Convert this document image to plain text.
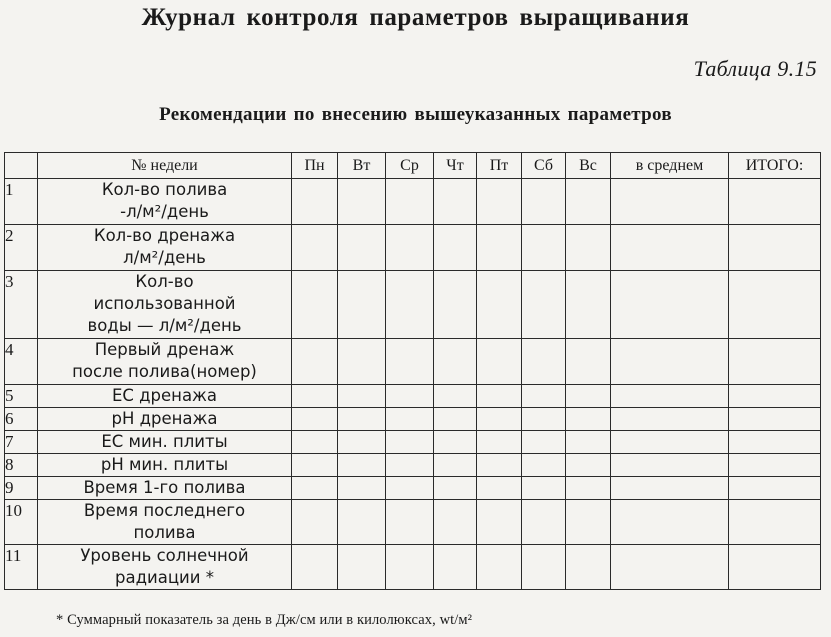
Журнал контроля параметров выращивания
Таблица 9.15
Рекомендации по внесению вышеуказанных параметров
	№ недели	Пн	Вт	Ср	Чт	Пт	Сб	Вс	в среднем	ИТОГО:
1	Кол-во полива
-л/м²/день									
2	Кол-во дренажа
л/м²/день									
3	Кол-во
использованной
воды — л/м²/день									
4	Первый дренаж
после полива(номер)									
5	ЕС дренажа									
6	рН дренажа									
7	ЕС мин. плиты									
8	рН мин. плиты									
9	Время 1-го полива									
10	Время последнего
полива									
11	Уровень солнечной
радиации *									
* Суммарный показатель за день в Дж/см или в килолюксах, wt/м²
